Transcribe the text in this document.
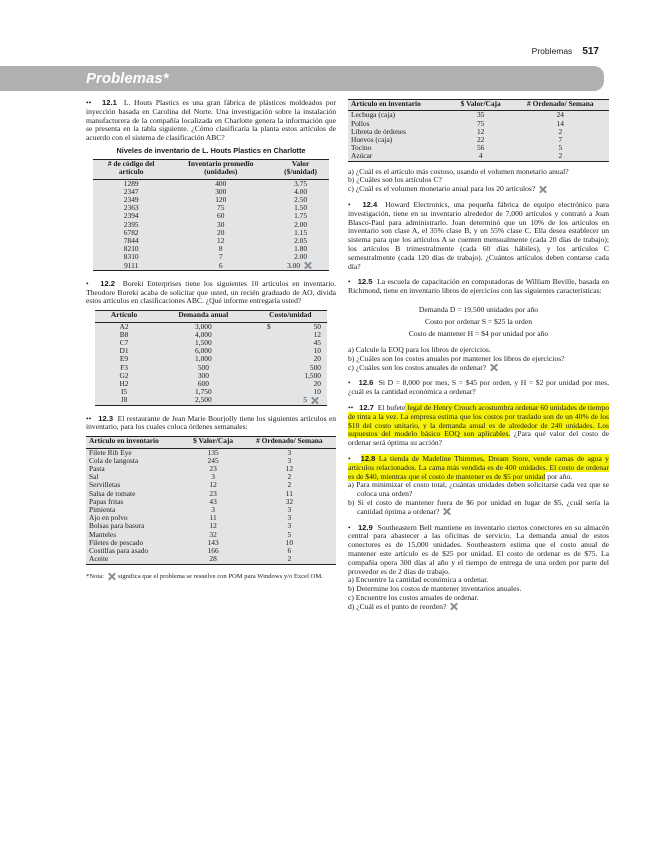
Problemas 517
Problemas*

•• 12.1 L. Houts Plastics es una gran fábrica de plásticos moldeados por inyección basada en Carolina del Norte. Una investigación sobre la instalación manufacturera de la compañía localizada en Charlotte genera la información que se presenta en la tabla siguiente. ¿Cómo clasificaría la planta estos artículos de acuerdo con el sistema de clasificación ABC?

Niveles de inventario de L. Houts Plastics en Charlotte
# de código del artículo	Inventario promedio (unidades)	Valor ($/unidad)
1289	400	3.75
2347	300	4.00
2349	120	2.50
2363	75	1.50
2394	60	1.75
2395	30	2.00
6782	20	1.15
7844	12	2.05
8210	8	1.80
8310	7	2.00
9111	6	3.00

• 12.2 Boreki Enterprises tiene los siguientes 10 artículos en inventario. Theodore Boreki acaba de solicitar que usted, un recién graduado de AO, divida estos artículos en clasificaciones ABC. ¿Qué informe entregaría usted?

Artículo	Demanda anual	Costo/unidad	
A2	3,000	$	50
B8	4,000		12
C7	1,500		45
D1	6,000		10
E9	1,000		20
F3	500		500
G2	300		1,500
H2	600		20
I5	1,750		10
J8	2,500		5

•• 12.3 El restaurante de Jean Marie Bourjolly tiene los siguientes artículos en inventario, para los cuales coloca órdenes semanales:

Artículo en inventario	$ Valor/Caja	# Ordenado/ Semana
Filete Rib Eye	135	3
Cola de langosta	245	3
Pasta	23	12
Sal	3	2
Servilletas	12	2
Salsa de tomate	23	11
Papas fritas	43	32
Pimienta	3	3
Ajo en polvo	11	3
Bolsas para basura	12	3
Manteles	32	5
Filetes de pescado	143	10
Costillas para asado	166	6
Aceite	28	2

*Nota: significa que el problema se resuelve con POM para Windows y/o Excel OM.

Artículo en inventario	$ Valor/Caja	# Ordenado/ Semana
Lechuga (caja)	35	24
Pollos	75	14
Libreta de órdenes	12	2
Huevos (caja)	22	7
Tocino	56	5
Azúcar	4	2
a) ¿Cuál es el artículo más costoso, usando el volumen monetario anual?
b) ¿Cuáles son los artículos C?
c) ¿Cuál es el volumen monetario anual para los 20 artículos?

• 12.4 Howard Electronics, una pequeña fábrica de equipo electrónico para investigación, tiene en su inventario alrededor de 7,000 artículos y contrató a Joan Blasco-Paul para administrarlo. Joan determinó que un 10% de los artículos en inventario son clase A, el 35% clase B, y un 55% clase C. Ella desea establecer un sistema para que los artículos A se cuenten mensualmente (cada 20 días de trabajo); los artículos B trimestralmente (cada 60 días hábiles), y los artículos C semestralmente (cada 120 días de trabajo). ¿Cuántos artículos deben contarse cada día?

• 12.5 La escuela de capacitación en computadoras de William Beville, basada en Richmond, tiene en inventario libros de ejercicios con las siguientes características:

Demanda D = 19,500 unidades por año
Costo por ordenar S = $25 la orden
Costo de mantener H = $4 por unidad por año
a) Calcule la EOQ para los libros de ejercicios.
b) ¿Cuáles son los costos anuales por mantener los libros de ejercicios?
c) ¿Cuáles son los costos anuales de ordenar?

• 12.6 Si D = 8,000 por mes, S = $45 por orden, y H = $2 por unidad por mes, ¿cuál es la cantidad económica a ordenar?

•• 12.7 El bufete legal de Henry Crouch acostumbra ordenar 60 unidades de tiempo de tinta a la vez. La empresa estima que los costos por traslado son de un 40% de los $10 del costo unitario, y la demanda anual es de alrededor de 240 unidades. Los supuestos del modelo básico EOQ son aplicables. ¿Para qué valor del costo de ordenar será óptima su acción?

• 12.8 La tienda de Madeline Thimmes, Dream Store, vende camas de agua y artículos relacionados. La cama más vendida es de 400 unidades. El costo de ordenar es de $40, mientras que el costo de mantener es de $5 por unidad por año.

a) Para minimizar el costo total, ¿cuántas unidades deben solicitarse cada vez que se coloca una orden?
b) Si el costo de mantener fuera de $6 por unidad en lugar de $5, ¿cuál sería la cantidad óptima a ordenar?

• 12.9 Southeastern Bell mantiene en inventario ciertos conectores en su almacén central para abastecer a las oficinas de servicio. La demanda anual de estos conectores es de 15,000 unidades. Southeastern estima que el costo anual de mantener este artículo es de $25 por unidad. El costo de ordenar es de $75. La compañía opera 300 días al año y el tiempo de entrega de una orden por parte del proveedor es de 2 días de trabajo.

a) Encuentre la cantidad económica a ordenar.
b) Determine los costos de mantener inventarios anuales.
c) Encuentre los costos anuales de ordenar.
d) ¿Cuál es el punto de reorden?
